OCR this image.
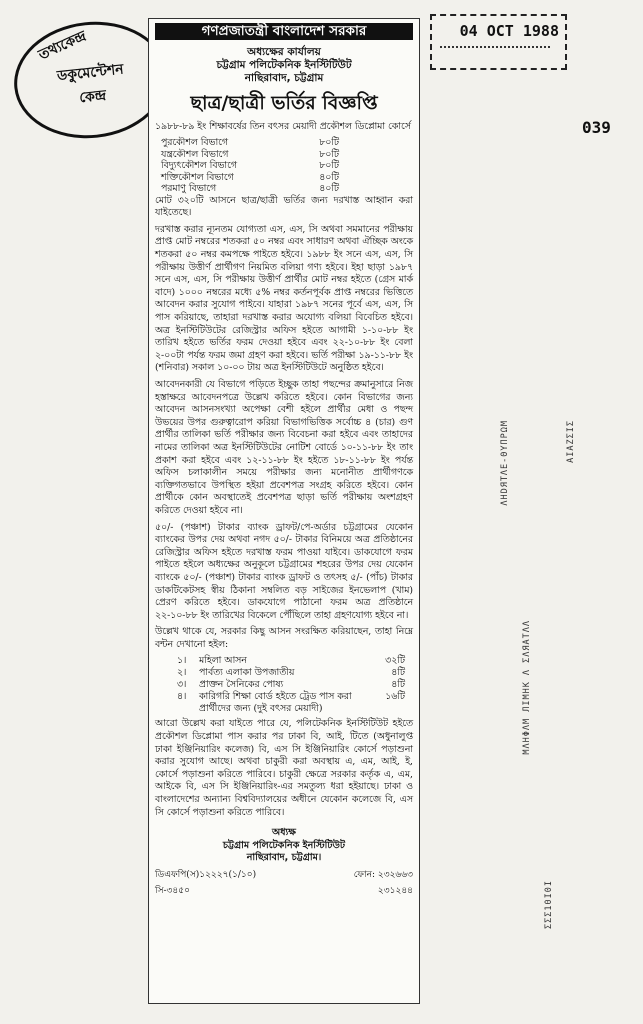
তথ্যকেন্দ্র
ডকুমেন্টেশন
কেন্দ্র
04 OCT 1988
039
গণপ্রজাতন্ত্রী বাংলাদেশ সরকার
অধ্যক্ষের কার্যালয়
চট্টগ্রাম পলিটেকনিক ইনস্টিটিউট
নাছিরাবাদ, চট্টগ্রাম
ছাত্র/ছাত্রী ভর্তির বিজ্ঞপ্তি

১৯৮৮-৮৯ ইং শিক্ষাবর্ষের তিন বৎসর মেয়াদী প্রকৌশল ডিপ্লোমা কোর্সে

পুরকৌশল বিভাগে	৮০টি
যন্ত্রকৌশল বিভাগে	৮০টি
বিদ্যুৎকৌশল বিভাগে	৮০টি
শক্তিকৌশল বিভাগে	৪০টি
পরমাণু বিভাগে	৪০টি

মোট ৩২০টি আসনে ছাত্র/ছাত্রী ভর্তির জন্য দরখাস্ত আহ্বান করা যাইতেছে।

দরখাস্ত করার ন্যূনতম যোগ্যতা এস, এস, সি অথবা সমমানের পরীক্ষায় প্রাপ্ত মোট নম্বরের শতকরা ৫০ নম্বর এবং সাধারণ অথবা ঐচ্ছিক অংকে শতকরা ৫০ নম্বর কমপক্ষে পাইতে হইবে। ১৯৮৮ ইং সনে এস, এস, সি পরীক্ষায় উত্তীর্ণ প্রার্থীগণ নিয়মিত বলিয়া গণ্য হইবে। ইহা ছাড়া ১৯৮৭ সনে এস, এস, সি পরীক্ষায় উত্তীর্ণ প্রার্থীর মোট নম্বর হইতে (গ্রেস মার্ক বাদে) ১০০০ নম্বরের মধ্যে ৫% নম্বর কর্তনপূর্বক প্রাপ্ত নম্বরের ভিত্তিতে আবেদন করার সুযোগ পাইবে। যাহারা ১৯৮৭ সনের পূর্বে এস, এস, সি পাস করিয়াছে, তাহারা দরখাস্ত করার অযোগ্য বলিয়া বিবেচিত হইবে। অত্র ইনস্টিটিউটের রেজিস্ট্রার অফিস হইতে আগামী ১-১০-৮৮ ইং তারিখ হইতে ভর্তির ফরম দেওয়া হইবে এবং ২২-১০-৮৮ ইং বেলা ২-০০টা পর্যন্ত ফরম জমা গ্রহণ করা হইবে। ভর্তি পরীক্ষা ১৯-১১-৮৮ ইং (শনিবার) সকাল ১০-০০ টায় অত্র ইনস্টিটিউটে অনুষ্ঠিত হইবে।

আবেদনকারী যে বিভাগে পড়িতে ইচ্ছুক তাহা পছন্দের ক্রমানুসারে নিজ হস্তাক্ষরে আবেদনপত্রে উল্লেখ করিতে হইবে। কোন বিভাগের জন্য আবেদন আসনসংখ্যা অপেক্ষা বেশী হইলে প্রার্থীর মেধা ও পছন্দ উভয়ের উপর গুরুত্বারোপ করিয়া বিভাগভিত্তিক সর্বোচ্চ ৪ (চার) গুণ প্রার্থীর তালিকা ভর্তি পরীক্ষার জন্য বিবেচনা করা হইবে এবং তাহাদের নামের তালিকা অত্র ইনস্টিটিউটের নোটিশ বোর্ডে ১০-১১-৮৮ ইং তাং প্রকাশ করা হইবে এবং ১২-১১-৮৮ ইং হইতে ১৮-১১-৮৮ ইং পর্যন্ত অফিস চলাকালীন সময়ে পরীক্ষার জন্য মনোনীত প্রার্থীগণকে ব্যক্তিগতভাবে উপস্থিত হইয়া প্রবেশপত্র সংগ্রহ করিতে হইবে। কোন প্রার্থীকে কোন অবস্থাতেই প্রবেশপত্র ছাড়া ভর্তি পরীক্ষায় অংশগ্রহণ করিতে দেওয়া হইবে না।

৫০/- (পঞ্চাশ) টাকার ব্যাংক ড্রাফট/পে-অর্ডার চট্টগ্রামের যেকোন ব্যাংকের উপর দেয় অথবা নগদ ৫০/- টাকার বিনিময়ে অত্র প্রতিষ্ঠানের রেজিস্ট্রার অফিস হইতে দরখাস্ত ফরম পাওয়া যাইবে। ডাকযোগে ফরম পাইতে হইলে অধ্যক্ষের অনুকূলে চট্টগ্রামের শহরের উপর দেয় যেকোন ব্যাংকে ৫০/- (পঞ্চাশ) টাকার ব্যাংক ড্রাফট ও তৎসহ ৫/- (পাঁচ) টাকার ডাকটিকেটসহ স্বীয় ঠিকানা সম্বলিত বড় সাইজের ইনভেলাপ (খাম) প্রেরণ করিতে হইবে। ডাকযোগে পাঠানো ফরম অত্র প্রতিষ্ঠানে ২২-১০-৮৮ ইং তারিখের বিকেলে পৌঁছিলে তাহা গ্রহণযোগ্য হইবে না।

উল্লেখ থাকে যে, সরকার কিছু আসন সংরক্ষিত করিয়াছেন, তাহা নিম্নে বন্টন দেখানো হইল:

১।	মহিলা আসন	৩২টি
২।	পার্বত্য এলাকা উপজাতীয়	৪টি
৩।	প্রাক্তন সৈনিকের পোষ্য	৪টি
৪।	কারিগরি শিক্ষা বোর্ড হইতে ট্রেড পাস করা প্রার্থীদের জন্য (দুই বৎসর মেয়াদী)
১৬টি

আরো উল্লেখ করা যাইতে পারে যে, পলিটেকনিক ইনস্টিটিউট হইতে প্রকৌশল ডিপ্লোমা পাস করার পর ঢাকা বি, আই, টিতে (অধুনালুপ্ত ঢাকা ইঞ্জিনিয়ারিং কলেজ) বি, এস সি ইঞ্জিনিয়ারিং কোর্সে পড়াশুনা করার সুযোগ আছে। অথবা চাকুরী করা অবস্থায় এ, এম, আই, ই, কোর্সে পড়াশুনা করিতে পারিবে। চাকুরী ক্ষেত্রে সরকার কর্তৃক এ, এম, আইকে বি, এস সি ইঞ্জিনিয়ারিং-এর সমতুল্য ধরা হইয়াছে। ঢাকা ও বাংলাদেশের অন্যান্য বিশ্ববিদ্যালয়ের অধীনে যেকোন কলেজে বি, এস সি কোর্সে পড়াশুনা করিতে পারিবে।

অধ্যক্ষ
চট্টগ্রাম পলিটেকনিক ইনস্টিটিউট
নাছিরাবাদ, চট্টগ্রাম।
ডিএফপি(স)১২২২৭(১/১০)	ফোন: ২৩২৬৬৩
সি-৩৪৫০	২৩১২৪৪
ΛΗDЯΤΛΕ-ΘΥΠΡΩΜ
ΜΛΗΦΛΜ ЛΙΜΗΚ Λ ΣΛЯΑΤΛΛ
ΣΣΣ10Ι0Ι
ΑΙΑΖΣΙΣ
